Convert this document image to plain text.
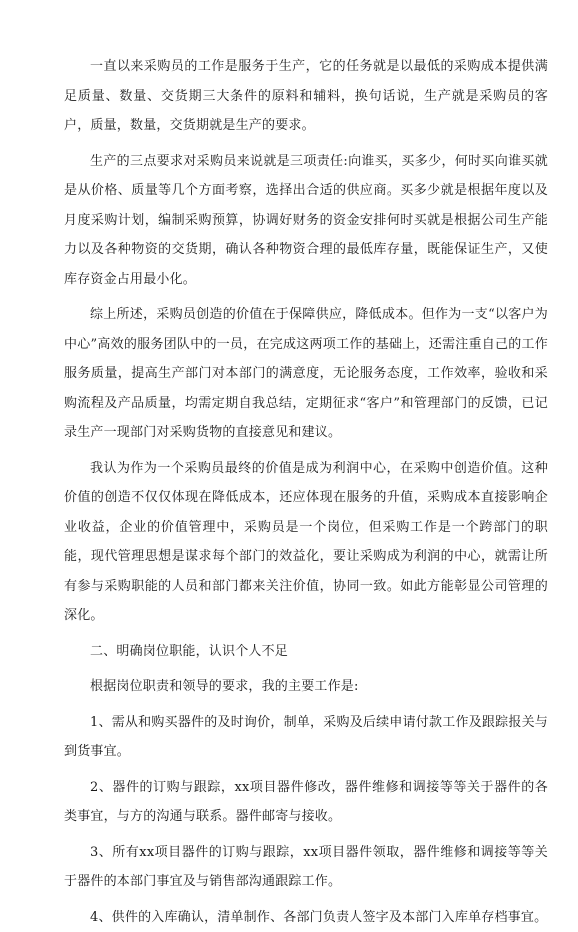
一直以来采购员的工作是服务于生产，它的任务就是以最低的采购成本提供满足质量、数量、交货期三大条件的原料和辅料，换句话说，生产就是采购员的客户，质量，数量，交货期就是生产的要求。

生产的三点要求对采购员来说就是三项责任:向谁买，买多少，何时买向谁买就是从价格、质量等几个方面考察，选择出合适的供应商。买多少就是根据年度以及月度采购计划，编制采购预算，协调好财务的资金安排何时买就是根据公司生产能力以及各种物资的交货期，确认各种物资合理的最低库存量，既能保证生产，又使库存资金占用最小化。

综上所述，采购员创造的价值在于保障供应，降低成本。但作为一支“以客户为中心”高效的服务团队中的一员，在完成这两项工作的基础上，还需注重自己的工作服务质量，提高生产部门对本部门的满意度，无论服务态度，工作效率，验收和采购流程及产品质量，均需定期自我总结，定期征求“客户”和管理部门的反馈，已记录生产一现部门对采购货物的直接意见和建议。

我认为作为一个采购员最终的价值是成为利润中心，在采购中创造价值。这种价值的创造不仅仅体现在降低成本，还应体现在服务的升值，采购成本直接影响企业收益，企业的价值管理中，采购员是一个岗位，但采购工作是一个跨部门的职能，现代管理思想是谋求每个部门的效益化，要让采购成为利润的中心，就需让所有参与采购职能的人员和部门都来关注价值，协同一致。如此方能彰显公司管理的深化。

二、明确岗位职能，认识个人不足

根据岗位职责和领导的要求，我的主要工作是:

1、需从和购买器件的及时询价，制单，采购及后续申请付款工作及跟踪报关与到货事宜。

2、器件的订购与跟踪，xx项目器件修改，器件维修和调接等等关于器件的各类事宜，与方的沟通与联系。器件邮寄与接收。

3、所有xx项目器件的订购与跟踪，xx项目器件领取，器件维修和调接等等关于器件的本部门事宜及与销售部沟通跟踪工作。

4、供件的入库确认，清单制作、各部门负责人签字及本部门入库单存档事宜。
